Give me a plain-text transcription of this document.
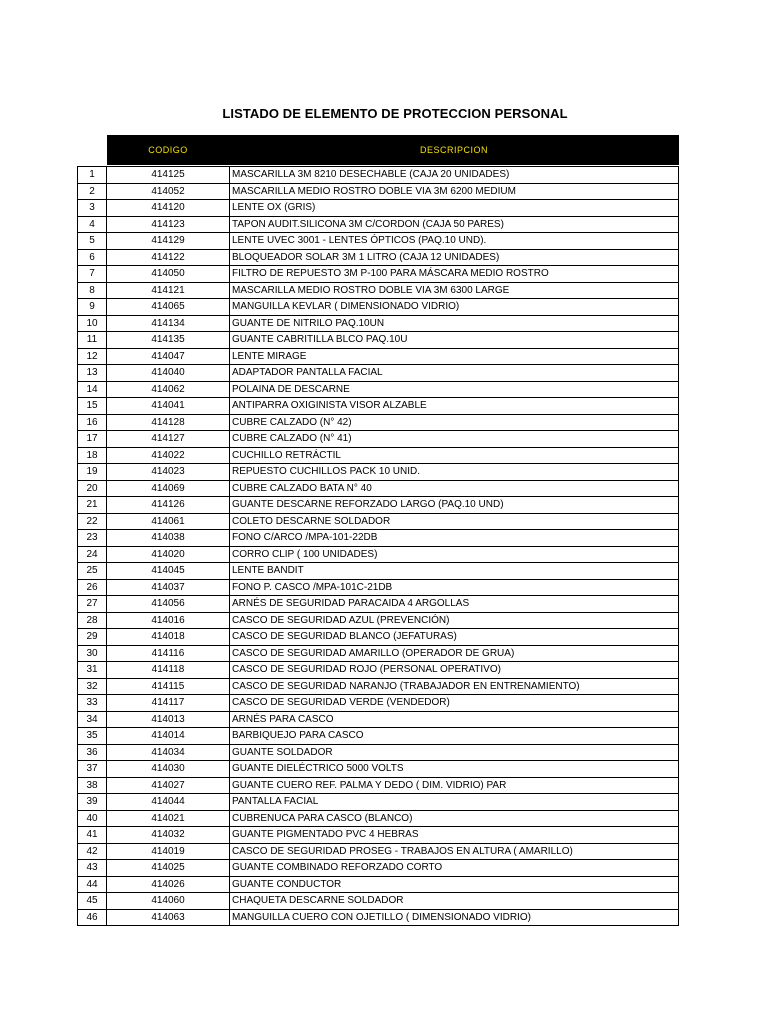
LISTADO DE ELEMENTO DE PROTECCION PERSONAL
	CODIGO	DESCRIPCION

1	414125	MASCARILLA 3M 8210 DESECHABLE (CAJA 20 UNIDADES)
2	414052	MASCARILLA MEDIO ROSTRO DOBLE VIA 3M 6200 MEDIUM
3	414120	LENTE OX (GRIS)
4	414123	TAPON AUDIT.SILICONA 3M C/CORDON (CAJA 50 PARES)
5	414129	LENTE UVEC 3001 - LENTES ÓPTICOS (PAQ.10 UND).
6	414122	BLOQUEADOR SOLAR 3M 1 LITRO (CAJA 12 UNIDADES)
7	414050	FILTRO DE REPUESTO 3M P-100 PARA MÁSCARA MEDIO ROSTRO
8	414121	MASCARILLA MEDIO ROSTRO DOBLE VIA 3M 6300 LARGE
9	414065	MANGUILLA KEVLAR ( DIMENSIONADO VIDRIO)
10	414134	GUANTE DE NITRILO PAQ.10UN
11	414135	GUANTE CABRITILLA BLCO PAQ.10U
12	414047	LENTE MIRAGE
13	414040	ADAPTADOR PANTALLA FACIAL
14	414062	POLAINA DE DESCARNE
15	414041	ANTIPARRA OXIGINISTA VISOR ALZABLE
16	414128	CUBRE CALZADO (N° 42)
17	414127	CUBRE CALZADO (N° 41)
18	414022	CUCHILLO RETRÁCTIL
19	414023	REPUESTO CUCHILLOS PACK 10 UNID.
20	414069	CUBRE CALZADO BATA N° 40
21	414126	GUANTE DESCARNE REFORZADO LARGO (PAQ.10 UND)
22	414061	COLETO DESCARNE SOLDADOR
23	414038	FONO C/ARCO /MPA-101-22DB
24	414020	CORRO CLIP ( 100 UNIDADES)
25	414045	LENTE BANDIT
26	414037	FONO P. CASCO /MPA-101C-21DB
27	414056	ARNÉS DE SEGURIDAD PARACAIDA 4 ARGOLLAS
28	414016	CASCO DE SEGURIDAD AZUL (PREVENCIÓN)
29	414018	CASCO DE SEGURIDAD BLANCO (JEFATURAS)
30	414116	CASCO DE SEGURIDAD AMARILLO (OPERADOR DE GRUA)
31	414118	CASCO DE SEGURIDAD ROJO (PERSONAL OPERATIVO)
32	414115	CASCO DE SEGURIDAD NARANJO (TRABAJADOR EN ENTRENAMIENTO)
33	414117	CASCO DE SEGURIDAD VERDE (VENDEDOR)
34	414013	ARNÉS PARA CASCO
35	414014	BARBIQUEJO PARA CASCO
36	414034	GUANTE SOLDADOR
37	414030	GUANTE DIELÉCTRICO 5000 VOLTS
38	414027	GUANTE CUERO REF. PALMA Y DEDO ( DIM. VIDRIO) PAR
39	414044	PANTALLA FACIAL
40	414021	CUBRENUCA PARA CASCO (BLANCO)
41	414032	GUANTE PIGMENTADO PVC 4 HEBRAS
42	414019	CASCO DE SEGURIDAD PROSEG - TRABAJOS EN ALTURA ( AMARILLO)
43	414025	GUANTE COMBINADO REFORZADO CORTO
44	414026	GUANTE CONDUCTOR
45	414060	CHAQUETA DESCARNE SOLDADOR
46	414063	MANGUILLA CUERO CON OJETILLO ( DIMENSIONADO VIDRIO)
